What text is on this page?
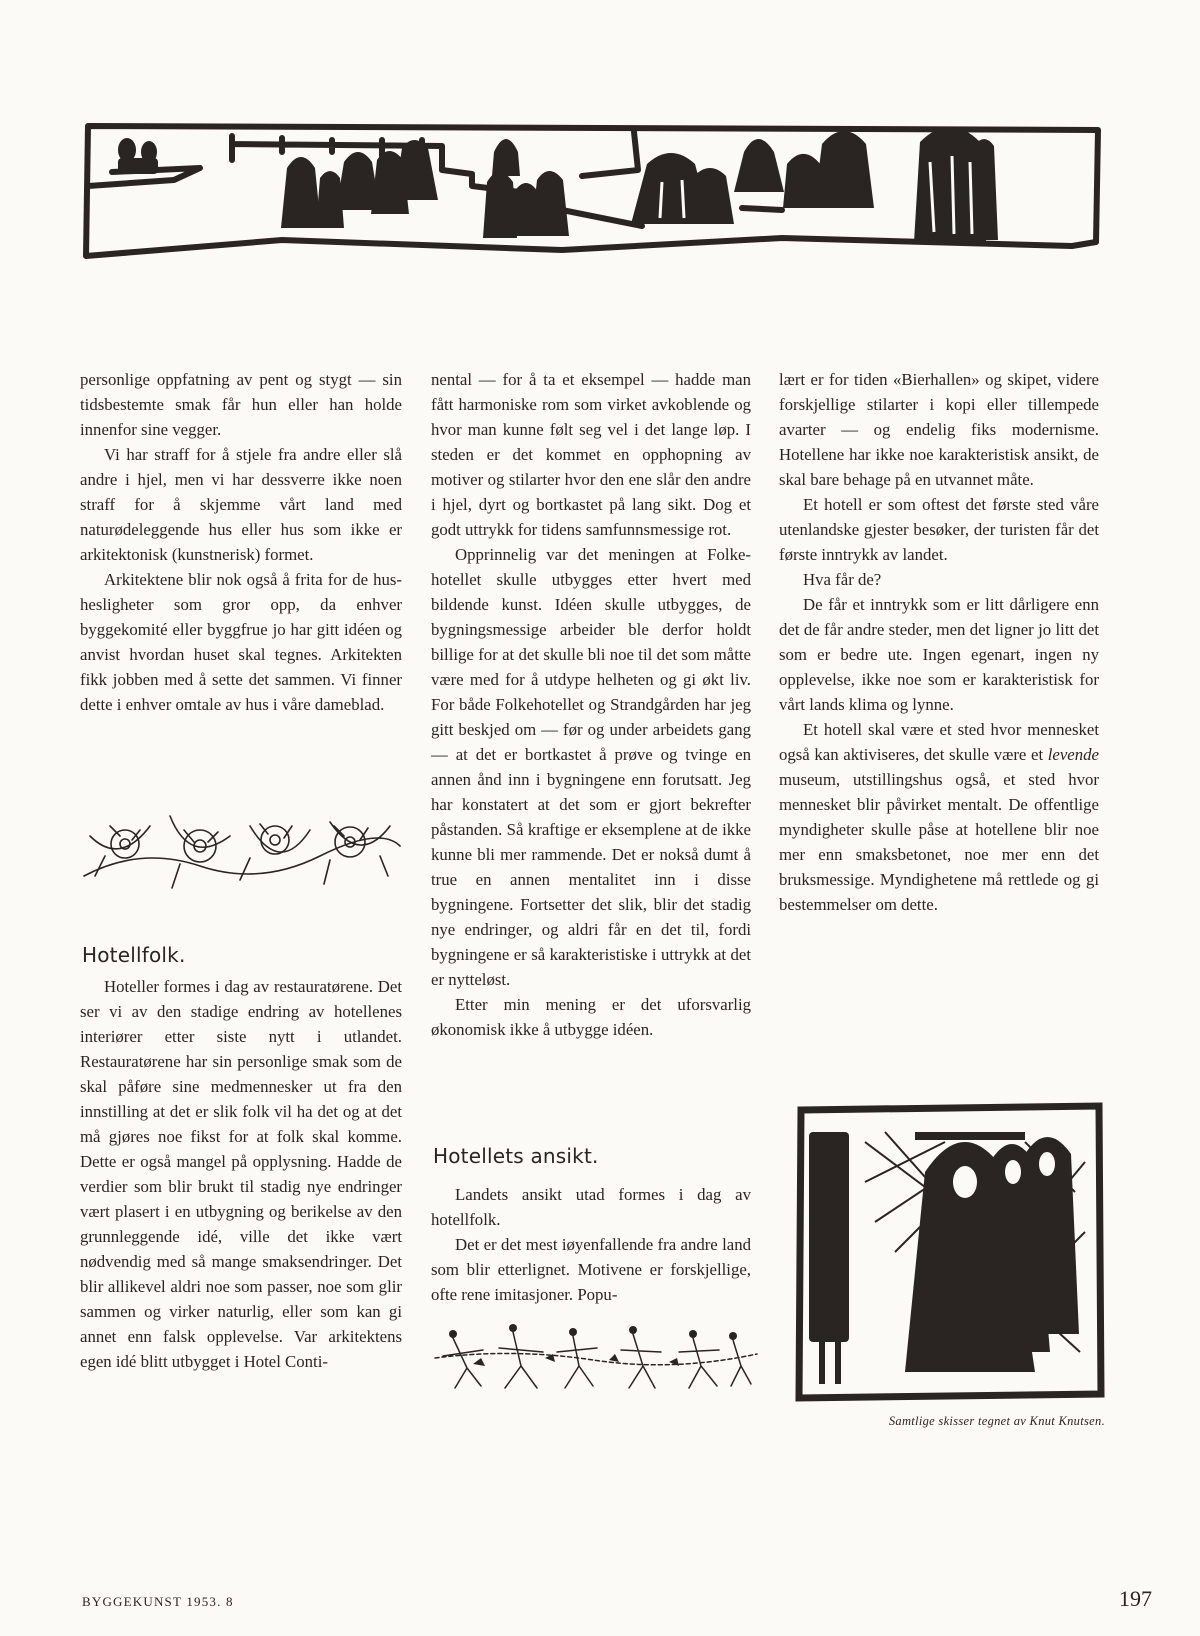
personlige oppfatning av pent og stygt — sin tidsbestemte smak får hun eller han holde innenfor sine vegger.

Vi har straff for å stjele fra andre eller slå andre i hjel, men vi har dessverre ikke noen straff for å skjemme vårt land med naturødeleggende hus eller hus som ikke er arkitektonisk (kunstnerisk) formet.

Arkitektene blir nok også å frita for de hus-hesligheter som gror opp, da enhver byggekomité eller byggfrue jo har gitt idéen og anvist hvordan huset skal tegnes. Arkitekten fikk jobben med å sette det sammen. Vi finner dette i enhver omtale av hus i våre dameblad.

Hotellfolk.

Hoteller formes i dag av restauratørene. Det ser vi av den stadige endring av hotellenes interiører etter siste nytt i utlandet. Restauratørene har sin personlige smak som de skal påføre sine medmennesker ut fra den innstilling at det er slik folk vil ha det og at det må gjøres noe fikst for at folk skal komme. Dette er også mangel på opplysning. Hadde de verdier som blir brukt til stadig nye endringer vært plasert i en utbygning og berikelse av den grunnleggende idé, ville det ikke vært nødvendig med så mange smaksendringer. Det blir allikevel aldri noe som passer, noe som glir sammen og virker naturlig, eller som kan gi annet enn falsk opplevelse. Var arkitektens egen idé blitt utbygget i Hotel Conti-

nental — for å ta et eksempel — hadde man fått harmoniske rom som virket avkoblende og hvor man kunne følt seg vel i det lange løp. I steden er det kommet en opphopning av motiver og stilarter hvor den ene slår den andre i hjel, dyrt og bortkastet på lang sikt. Dog et godt uttrykk for tidens samfunnsmessige rot.

Opprinnelig var det meningen at Folkehotellet skulle utbygges etter hvert med bildende kunst. Idéen skulle utbygges, de bygningsmessige arbeider ble derfor holdt billige for at det skulle bli noe til det som måtte være med for å utdype helheten og gi økt liv. For både Folkehotellet og Strandgården har jeg gitt beskjed om — før og under arbeidets gang — at det er bortkastet å prøve og tvinge en annen ånd inn i bygningene enn forutsatt. Jeg har konstatert at det som er gjort bekrefter påstanden. Så kraftige er eksemplene at de ikke kunne bli mer rammende. Det er nokså dumt å true en annen mentalitet inn i disse bygningene. Fortsetter det slik, blir det stadig nye endringer, og aldri får en det til, fordi bygningene er så karakteristiske i uttrykk at det er nytteløst.

Etter min mening er det uforsvarlig økonomisk ikke å utbygge idéen.

Hotellets ansikt.

Landets ansikt utad formes i dag av hotellfolk.

Det er det mest iøyenfallende fra andre land som blir etterlignet. Motivene er forskjellige, ofte rene imitasjoner. Popu-

lært er for tiden «Bierhallen» og skipet, videre forskjellige stilarter i kopi eller tillempede avarter — og endelig fiks modernisme. Hotellene har ikke noe karakteristisk ansikt, de skal bare behage på en utvannet måte.

Et hotell er som oftest det første sted våre utenlandske gjester besøker, der turisten får det første inntrykk av landet.

Hva får de?

De får et inntrykk som er litt dårligere enn det de får andre steder, men det ligner jo litt det som er bedre ute. Ingen egenart, ingen ny opplevelse, ikke noe som er karakteristisk for vårt lands klima og lynne.

Et hotell skal være et sted hvor mennesket også kan aktiviseres, det skulle være et levende museum, utstillingshus også, et sted hvor mennesket blir påvirket mentalt. De offentlige myndigheter skulle påse at hotellene blir noe mer enn smaksbetonet, noe mer enn det bruksmessige. Myndighetene må rettlede og gi bestemmelser om dette.

Samtlige skisser tegnet av Knut Knutsen.
BYGGEKUNST 1953. 8	197
